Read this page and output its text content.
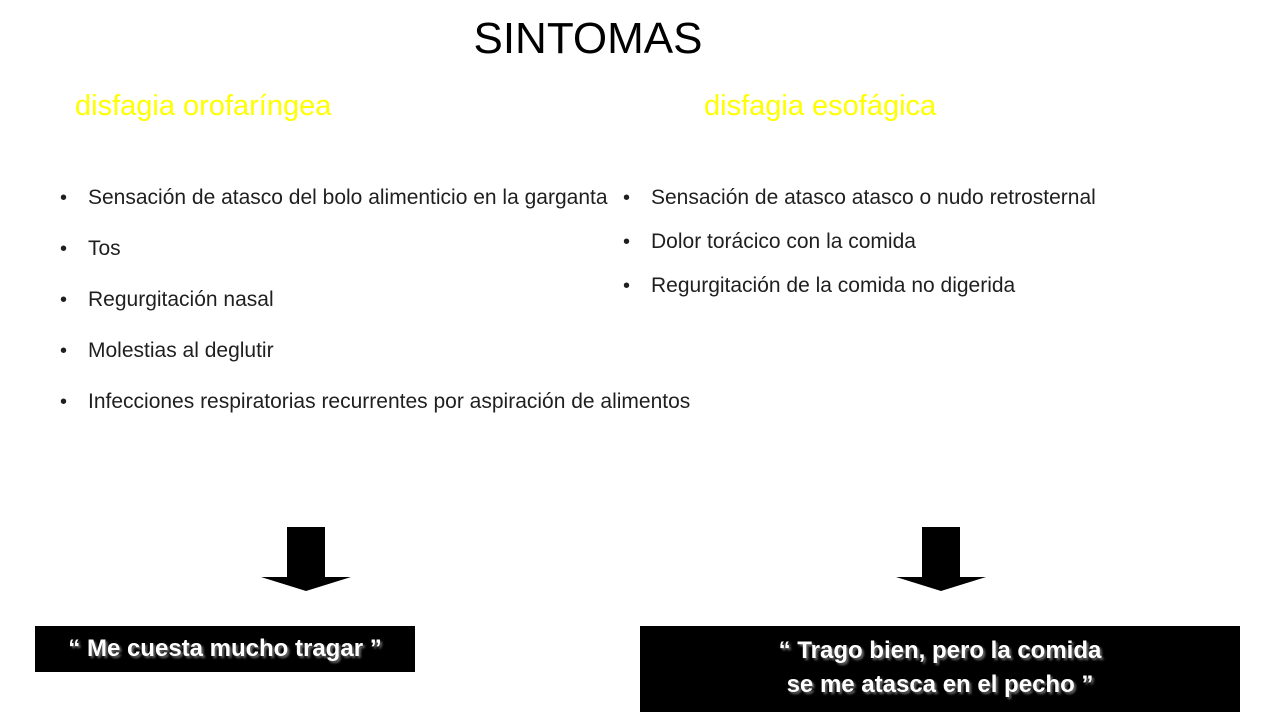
SINTOMAS
disfagia orofaríngea	disfagia esofágica
• Sensación de atasco del bolo alimenticio en la garganta
• Tos
• Regurgitación nasal
• Molestias al deglutir
• Infecciones respiratorias recurrentes por aspiración de alimentos
• Sensación de atasco atasco o nudo retrosternal
• Dolor torácico con la comida
• Regurgitación de la comida no digerida
“ Me cuesta mucho tragar ”	“ Trago bien, pero la comida
se me atasca en el pecho ”
